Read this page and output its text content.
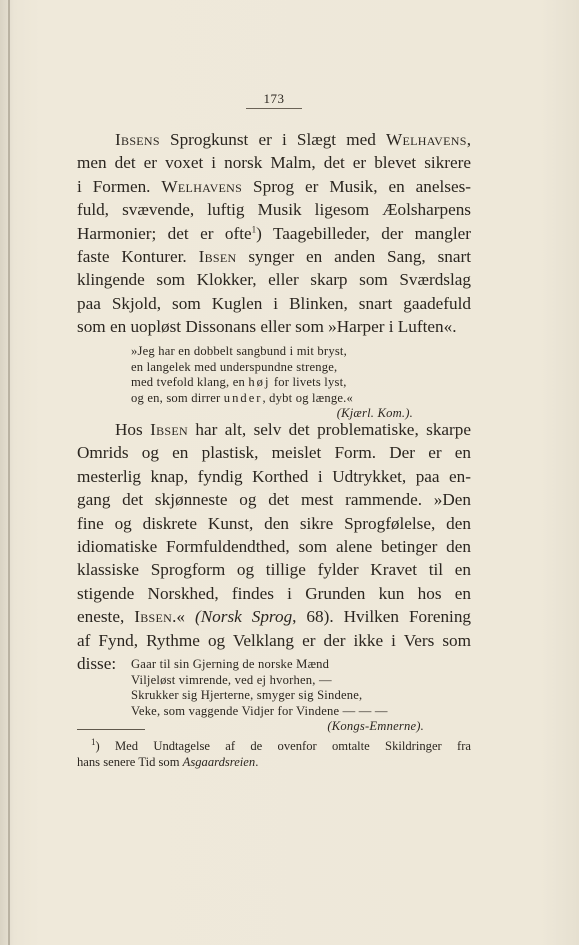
173
Ibsens Sprogkunst er i Slægt med Welhavens,
men det er voxet i norsk Malm, det er blevet sikrere
i Formen. Welhavens Sprog er Musik, en anelses-
fuld, svævende, luftig Musik ligesom Æolsharpens
Harmonier; det er ofte$^1$) Taagebilleder, der mangler
faste Konturer. Ibsen synger en anden Sang, snart
klingende som Klokker, eller skarp som Sværdslag
paa Skjold, som Kuglen i Blinken, snart gaadefuld
som en uopløst Dissonans eller som »Harper i Luften«.
»Jeg har en dobbelt sangbund i mit bryst,
en langelek med underspundne strenge,
med tvefold klang, en høj for livets lyst,
og en, som dirrer under, dybt og længe.«
(Kjærl. Kom.).
Hos Ibsen har alt, selv det problematiske, skarpe
Omrids og en plastisk, meislet Form. Der er en
mesterlig knap, fyndig Korthed i Udtrykket, paa en-
gang det skjønneste og det mest rammende. »Den
fine og diskrete Kunst, den sikre Sprogfølelse, den
idiomatiske Formfuldendthed, som alene betinger den
klassiske Sprogform og tillige fylder Kravet til en
stigende Norskhed, findes i Grunden kun hos en
eneste, Ibsen.« (Norsk Sprog, 68). Hvilken Forening
af Fynd, Rythme og Velklang er der ikke i Vers som
disse:	Gaar til sin Gjerning de norske Mænd
Viljeløst vimrende, ved ej hvorhen, —
Skrukker sig Hjerterne, smyger sig Sindene,
Veke, som vaggende Vidjer for Vindene — — —
(Kongs-Emnerne).
$^1$) Med Undtagelse af de ovenfor omtalte Skildringer fra
hans senere Tid som Asgaardsreien.
